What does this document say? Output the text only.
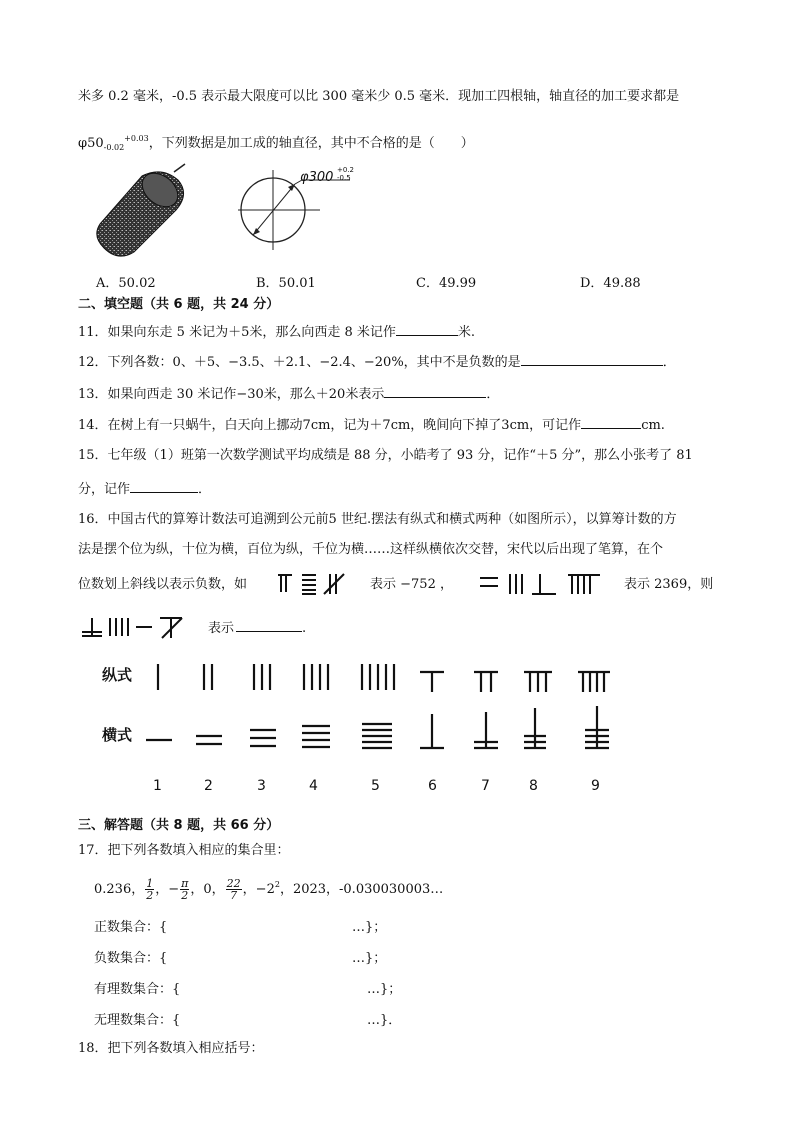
米多 0.2 毫米，-0.5 表示最大限度可以比 300 毫米少 0.5 毫米．现加工四根轴，轴直径的加工要求都是
$\varphi 50_{-0.02}^{+0.03}$，下列数据是加工成的轴直径，其中不合格的是（　　）
φ300 +0.2
-0.5
A．50.02	B．50.01	C．49.99	D．49.88
二、填空题（共 6 题，共 24 分）
11．如果向东走 5 米记为＋5米，那么向西走 8 米记作	米.
12．下列各数：0、＋5、−3.5、＋2.1、−2.4、−20%，其中不是负数的是	．
13．如果向西走 30 米记作−30米，那么＋20米表示	．
14．在树上有一只蜗牛，白天向上挪动7cm，记为＋7cm，晚间向下掉了3cm，可记作	cm.
15．七年级（1）班第一次数学测试平均成绩是 88 分，小皓考了 93 分，记作“＋5 分”，那么小张考了 81
分，记作	．
16．中国古代的算筹计数法可追溯到公元前5 世纪.摆法有纵式和横式两种（如图所示），以算筹计数的方
法是摆个位为纵，十位为横，百位为纵，千位为横……这样纵横依次交替，宋代以后出现了笔算，在个
位数划上斜线以表示负数，如	表示 −752 ，	表示 2369，则
表示	.
纵式
横式
1	2	3	4	5	6	7	8	9
三、解答题（共 8 题，共 66 分）
17．把下列各数填入相应的集合里：
0.236， $\frac{1}{2}$ ，− $\frac{\pi}{2}$ ，0， $\frac{22}{7}$ ，$-2^2$，2023，-0.030030003…
正数集合：{	…}；
负数集合：{	…}；
有理数集合：{	…}；
无理数集合：{	…}．
18．把下列各数填入相应括号：
